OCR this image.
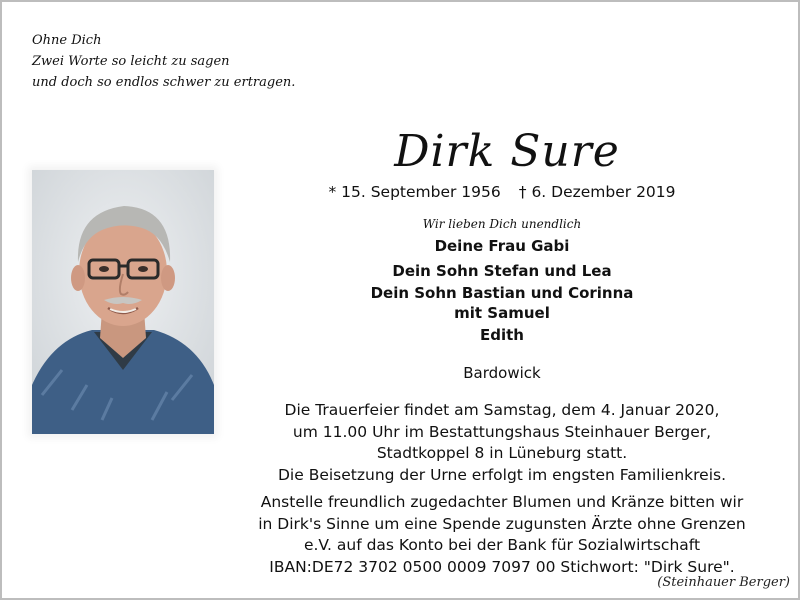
Ohne Dich
Zwei Worte so leicht zu sagen
und doch so endlos schwer zu ertragen.
Dirk Sure
* 15. September 1956 † 6. Dezember 2019
Wir lieben Dich unendlich
Deine Frau Gabi
Dein Sohn Stefan und Lea
Dein Sohn Bastian und Corinna
mit Samuel
Edith
Bardowick
Die Trauerfeier findet am Samstag, dem 4. Januar 2020,
um 11.00 Uhr im Bestattungshaus Steinhauer Berger,
Stadtkoppel 8 in Lüneburg statt.
Die Beisetzung der Urne erfolgt im engsten Familienkreis.
Anstelle freundlich zugedachter Blumen und Kränze bitten wir
in Dirk's Sinne um eine Spende zugunsten Ärzte ohne Grenzen
e.V. auf das Konto bei der Bank für Sozialwirtschaft
IBAN:DE72 3702 0500 0009 7097 00 Stichwort: "Dirk Sure".
(Steinhauer Berger)
